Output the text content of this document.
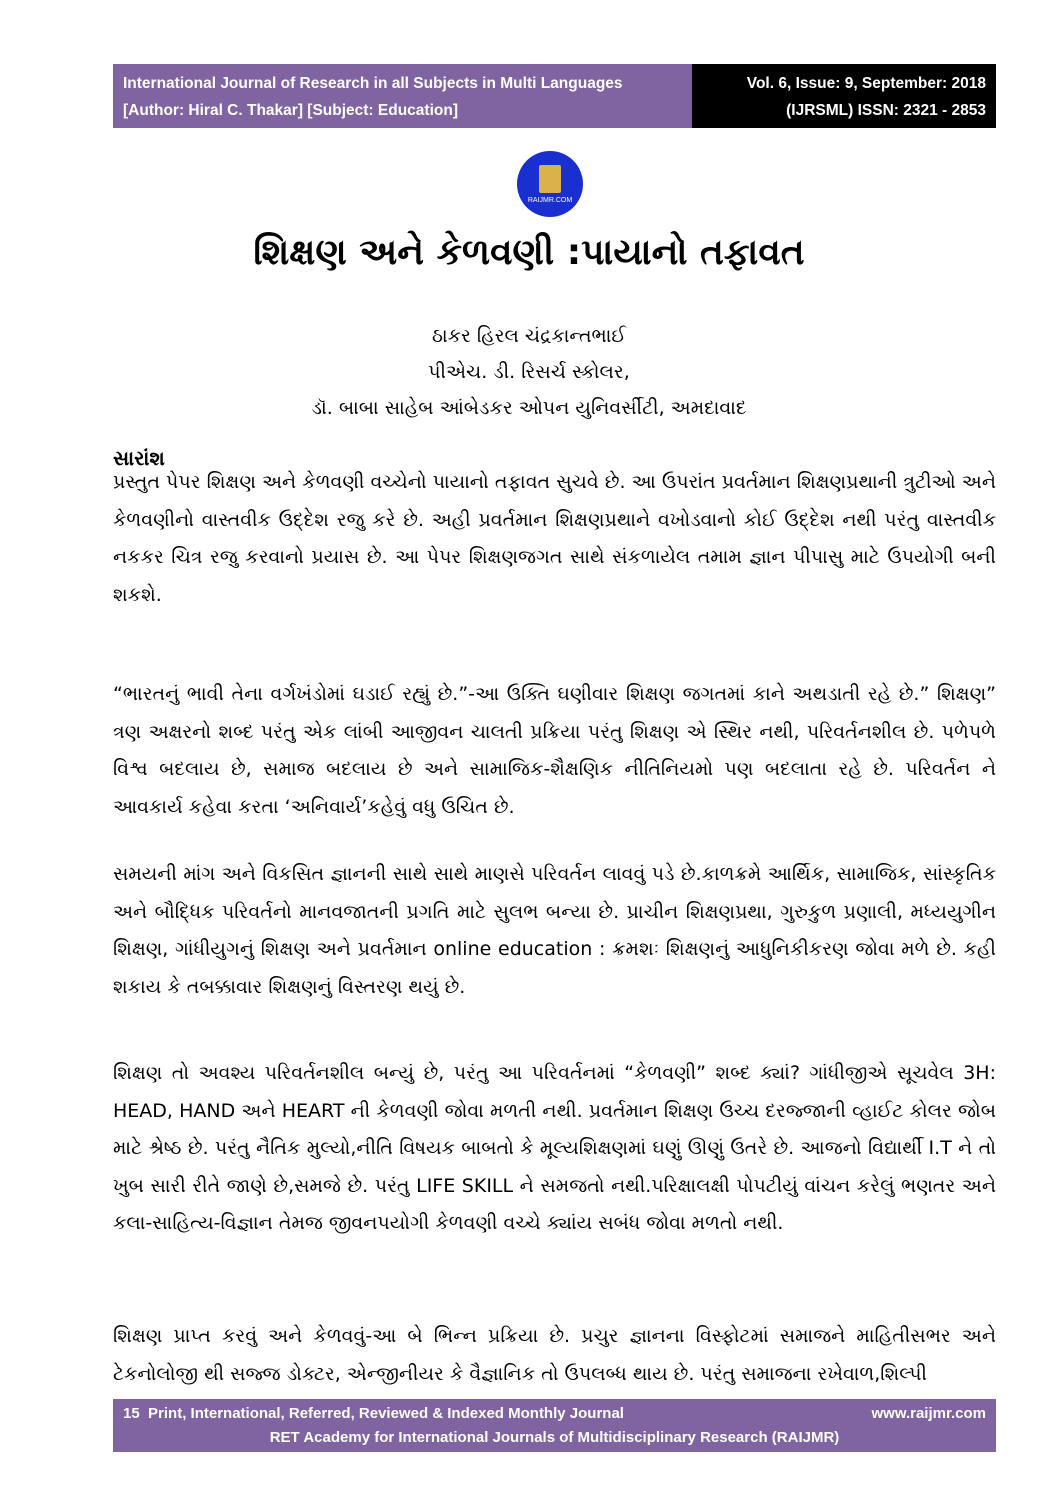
International Journal of Research in all Subjects in Multi Languages
[Author: Hiral C. Thakar] [Subject: Education]
Vol. 6, Issue: 9, September: 2018
(IJRSML) ISSN: 2321 - 2853
RAIJMR.COM
શિક્ષણ અને કેળવણી :પાયાનો તફાવત
ઠાકર હિરલ ચંદ્રકાન્તભાઈ
પીએચ. ડી. રિસર્ચ સ્કોલર,
ડૉ. બાબા સાહેબ આંબેડકર ઓપન યુનિવર્સીટી, અમદાવાદ
સારાંશ

પ્રસ્તુત પેપર શિક્ષણ અને કેળવણી વચ્ચેનો પાયાનો તફાવત સુચવે છે. આ ઉપરાંત પ્રવર્તમાન શિક્ષણપ્રથાની ત્રુટીઓ અને કેળવણીનો વાસ્તવીક ઉદ્દેશ રજુ કરે છે. અહી પ્રવર્તમાન શિક્ષણપ્રથાને વખોડવાનો કોઈ ઉદ્દેશ નથી પરંતુ વાસ્તવીક નકકર ચિત્ર રજુ કરવાનો પ્રયાસ છે. આ પેપર શિક્ષણજગત સાથે સંકળાયેલ તમામ જ્ઞાન પીપાસુ માટે ઉપયોગી બની શકશે.

“ભારતનું ભાવી તેના વર્ગખંડોમાં ઘડાઈ રહ્યું છે.”-આ ઉક્તિ ઘણીવાર શિક્ષણ જગતમાં કાને અથડાતી રહે છે.” શિક્ષણ” ત્રણ અક્ષરનો શબ્દ પરંતુ એક લાંબી આજીવન ચાલતી પ્રક્રિયા પરંતુ શિક્ષણ એ સ્થિર નથી, પરિવર્તનશીલ છે. પળેપળે વિશ્વ બદલાય છે, સમાજ બદલાય છે અને સામાજિક-શૈક્ષણિક નીતિનિયમો પણ બદલાતા રહે છે. પરિવર્તન ને આવકાર્ય કહેવા કરતા ‘અનિવાર્ય’કહેવું વધુ ઉચિત છે.

સમયની માંગ અને વિકસિત જ્ઞાનની સાથે સાથે માણસે પરિવર્તન લાવવું પડે છે.કાળક્રમે આર્થિક, સામાજિક, સાંસ્કૃતિક અને બૌદ્ધિક પરિવર્તનો માનવજાતની પ્રગતિ માટે સુલભ બન્યા છે. પ્રાચીન શિક્ષણપ્રથા, ગુરુકુળ પ્રણાલી, મધ્યયુગીન શિક્ષણ, ગાંધીયુગનું શિક્ષણ અને પ્રવર્તમાન online education : ક્રમશઃ શિક્ષણનું આધુનિકીકરણ જોવા મળે છે. કહી શકાય કે તબક્કાવાર શિક્ષણનું વિસ્તરણ થયું છે.

શિક્ષણ તો અવશ્ય પરિવર્તનશીલ બન્યું છે, પરંતુ આ પરિવર્તનમાં “કેળવણી” શબ્દ ક્યાં? ગાંધીજીએ સૂચવેલ 3H: HEAD, HAND અને HEART ની કેળવણી જોવા મળતી નથી. પ્રવર્તમાન શિક્ષણ ઉચ્ચ દરજ્જાની વ્હાઈટ કોલર જોબ માટે શ્રેષ્ઠ છે. પરંતુ નૈતિક મુલ્યો,નીતિ વિષયક બાબતો કે મૂલ્યશિક્ષણમાં ઘણું ઊણું ઉતરે છે. આજનો વિદ્યાર્થી I.T ને તો ખુબ સારી રીતે જાણે છે,સમજે છે. પરંતુ LIFE SKILL ને સમજતો નથી.પરિક્ષાલક્ષી પોપટીયું વાંચન કરેલું ભણતર અને કલા-સાહિત્ય-વિજ્ઞાન તેમજ જીવનપયોગી કેળવણી વચ્ચે ક્યાંય સબંધ જોવા મળતો નથી.

શિક્ષણ પ્રાપ્ત કરવું અને કેળવવું-આ બે ભિન્ન પ્રક્રિયા છે. પ્રચુર જ્ઞાનના વિસ્ફોટમાં સમાજને માહિતીસભર અને ટેકનોલોજી થી સજ્જ ડોક્ટર, એન્જીનીયર કે વૈજ્ઞાનિક તો ઉપલબ્ધ થાય છે. પરંતુ સમાજના રખેવાળ,શિલ્પી

15 Print, International, Referred, Reviewed & Indexed Monthly Journal	www.raijmr.com
RET Academy for International Journals of Multidisciplinary Research (RAIJMR)
